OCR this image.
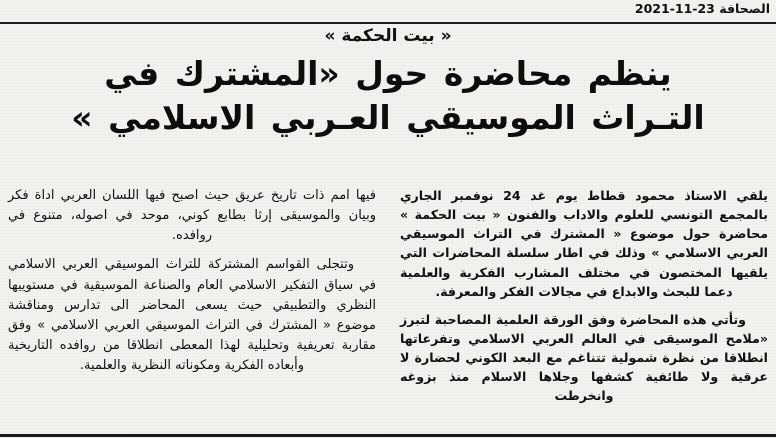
الصحافة 2021-11-23
« بيت الحكمة »
ينظم محاضرة حول «المشترك في
التـراث الموسيقي العـربي الاسلامي »

يلقي الاستاذ محمود قطاط يوم غد 24 نوفمبر الجاري بالمجمع التونسي للعلوم والاداب والفنون « بيت الحكمة » محاضرة حول موضوع « المشترك في التراث الموسيقي العربي الاسلامي » وذلك في اطار سلسلة المحاضرات التي يلقيها المختصون في مختلف المشارب الفكرية والعلمية دعما للبحث والابداع في مجالات الفكر والمعرفة.

وتأتي هذه المحاضرة وفق الورقة العلمية المصاحبة لتبرز «ملامح الموسيقى في العالم العربي الاسلامي وتفرعاتها انطلاقا من نظرة شمولية تتناغم مع البعد الكوني لحضارة لا عرقية ولا طائفية كشفها وجلاها الاسلام منذ بزوغه وانخرطت

فيها امم ذات تاريخ عريق حيث اصبح فيها اللسان العربي اداة فكر وبيان والموسيقى إرثا بطابع كوني، موحد في اصوله، متنوع في روافده.

وتتجلى القواسم المشتركة للتراث الموسيقي العربي الاسلامي في سياق التفكير الاسلامي العام والصناعة الموسيقية في مستوييها النظري والتطبيقي حيث يسعى المحاضر الى تدارس ومناقشة موضوع « المشترك في التراث الموسيقي العربي الاسلامي » وفق مقاربة تعريفية وتحليلية لهذا المعطى انطلاقا من روافده التاريخية وأبعاده الفكرية ومكوناته النظرية والعلمية.
